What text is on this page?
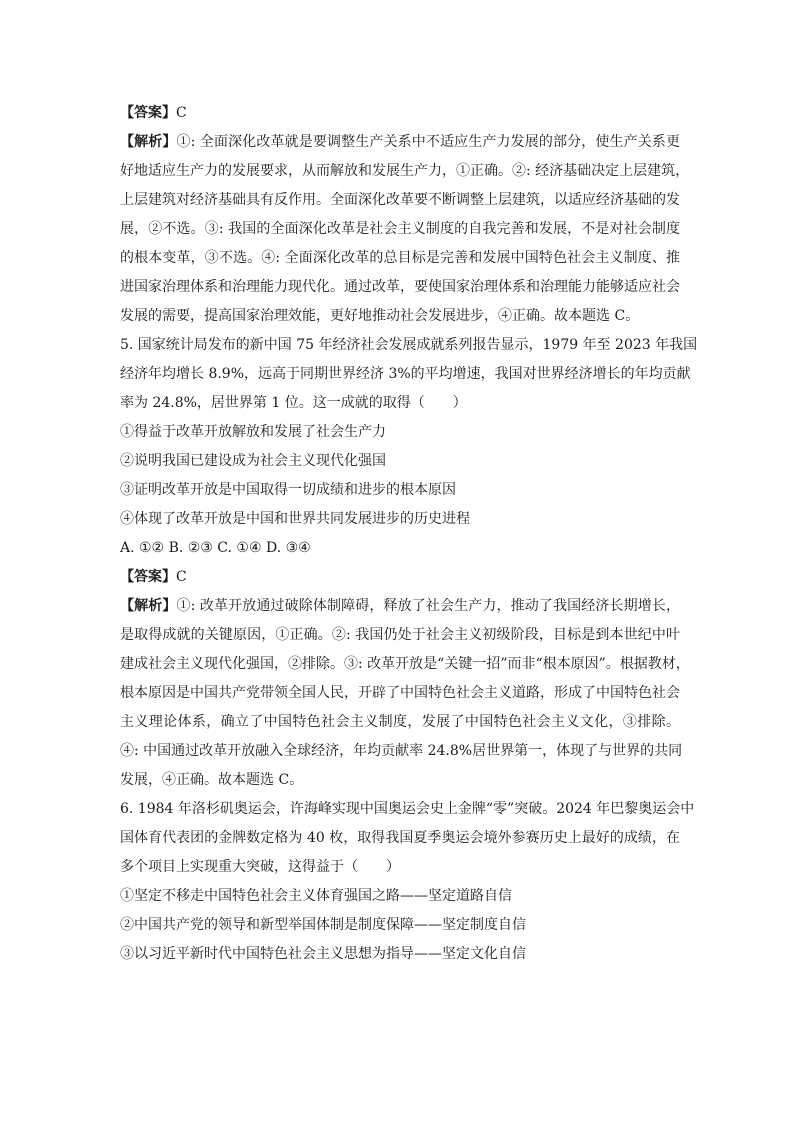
【答案】C
【解析】①: 全面深化改革就是要调整生产关系中不适应生产力发展的部分，使生产关系更
好地适应生产力的发展要求，从而解放和发展生产力，①正确。②: 经济基础决定上层建筑，
上层建筑对经济基础具有反作用。全面深化改革要不断调整上层建筑，以适应经济基础的发
展，②不选。③: 我国的全面深化改革是社会主义制度的自我完善和发展，不是对社会制度
的根本变革，③不选。④: 全面深化改革的总目标是完善和发展中国特色社会主义制度、推
进国家治理体系和治理能力现代化。通过改革，要使国家治理体系和治理能力能够适应社会
发展的需要，提高国家治理效能，更好地推动社会发展进步，④正确。故本题选 C。
5. 国家统计局发布的新中国 75 年经济社会发展成就系列报告显示，1979 年至 2023 年我国
经济年均增长 8.9%，远高于同期世界经济 3%的平均增速，我国对世界经济增长的年均贡献
率为 24.8%，居世界第 1 位。这一成就的取得（　　）
①得益于改革开放解放和发展了社会生产力
②说明我国已建设成为社会主义现代化强国
③证明改革开放是中国取得一切成绩和进步的根本原因
④体现了改革开放是中国和世界共同发展进步的历史进程
A. ①② B. ②③ C. ①④ D. ③④
【答案】C
【解析】①: 改革开放通过破除体制障碍，释放了社会生产力，推动了我国经济长期增长，
是取得成就的关键原因，①正确。②: 我国仍处于社会主义初级阶段，目标是到本世纪中叶
建成社会主义现代化强国，②排除。③: 改革开放是“关键一招”而非“根本原因”。根据教材，
根本原因是中国共产党带领全国人民，开辟了中国特色社会主义道路，形成了中国特色社会
主义理论体系，确立了中国特色社会主义制度，发展了中国特色社会主义文化，③排除。
④: 中国通过改革开放融入全球经济，年均贡献率 24.8%居世界第一，体现了与世界的共同
发展，④正确。故本题选 C。
6. 1984 年洛杉矶奥运会，许海峰实现中国奥运会史上金牌“零”突破。2024 年巴黎奥运会中
国体育代表团的金牌数定格为 40 枚，取得我国夏季奥运会境外参赛历史上最好的成绩，在
多个项目上实现重大突破，这得益于（　　）
①坚定不移走中国特色社会主义体育强国之路——坚定道路自信
②中国共产党的领导和新型举国体制是制度保障——坚定制度自信
③以习近平新时代中国特色社会主义思想为指导——坚定文化自信
